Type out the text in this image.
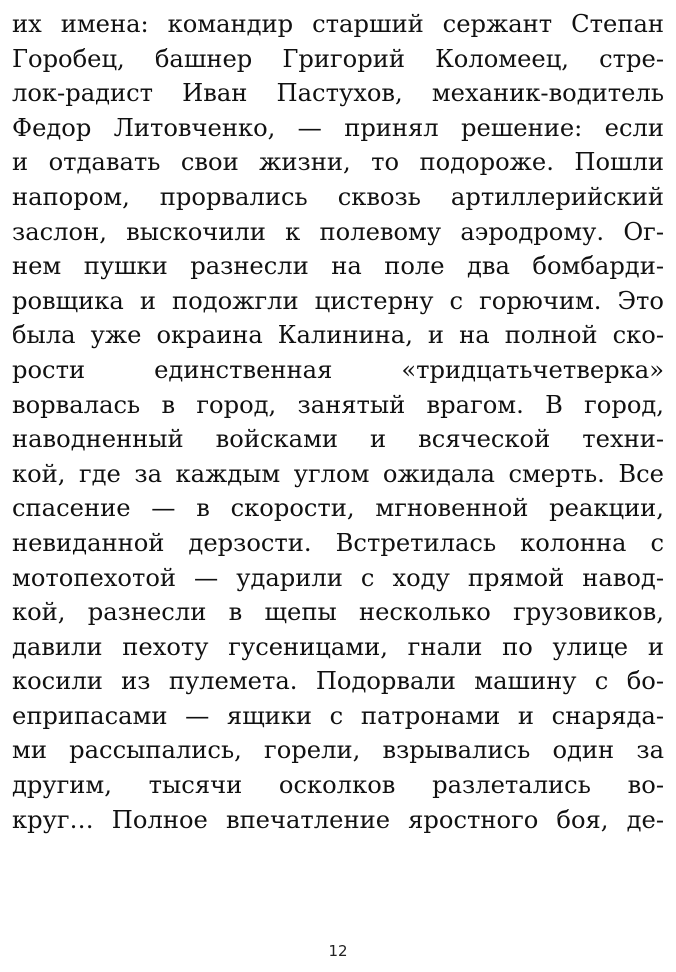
их имена: командир старший сержант Степан
Горобец, башнер Григорий Коломеец, стре-
лок-радист Иван Пастухов, механик-водитель
Федор Литовченко, — принял решение: если
и отдавать свои жизни, то подороже. Пошли
напором, прорвались сквозь артиллерийский
заслон, выскочили к полевому аэродрому. Ог-
нем пушки разнесли на поле два бомбарди-
ровщика и подожгли цистерну с горючим. Это
была уже окраина Калинина, и на полной ско-
рости единственная «тридцатьчетверка»
ворвалась в город, занятый врагом. В город,
наводненный войсками и всяческой техни-
кой, где за каждым углом ожидала смерть. Все
спасение — в скорости, мгновенной реакции,
невиданной дерзости. Встретилась колонна с
мотопехотой — ударили с ходу прямой навод-
кой, разнесли в щепы несколько грузовиков,
давили пехоту гусеницами, гнали по улице и
косили из пулемета. Подорвали машину с бо-
еприпасами — ящики с патронами и снаряда-
ми рассыпались, горели, взрывались один за
другим, тысячи осколков разлетались во-
круг… Полное впечатление яростного боя, де-
12
